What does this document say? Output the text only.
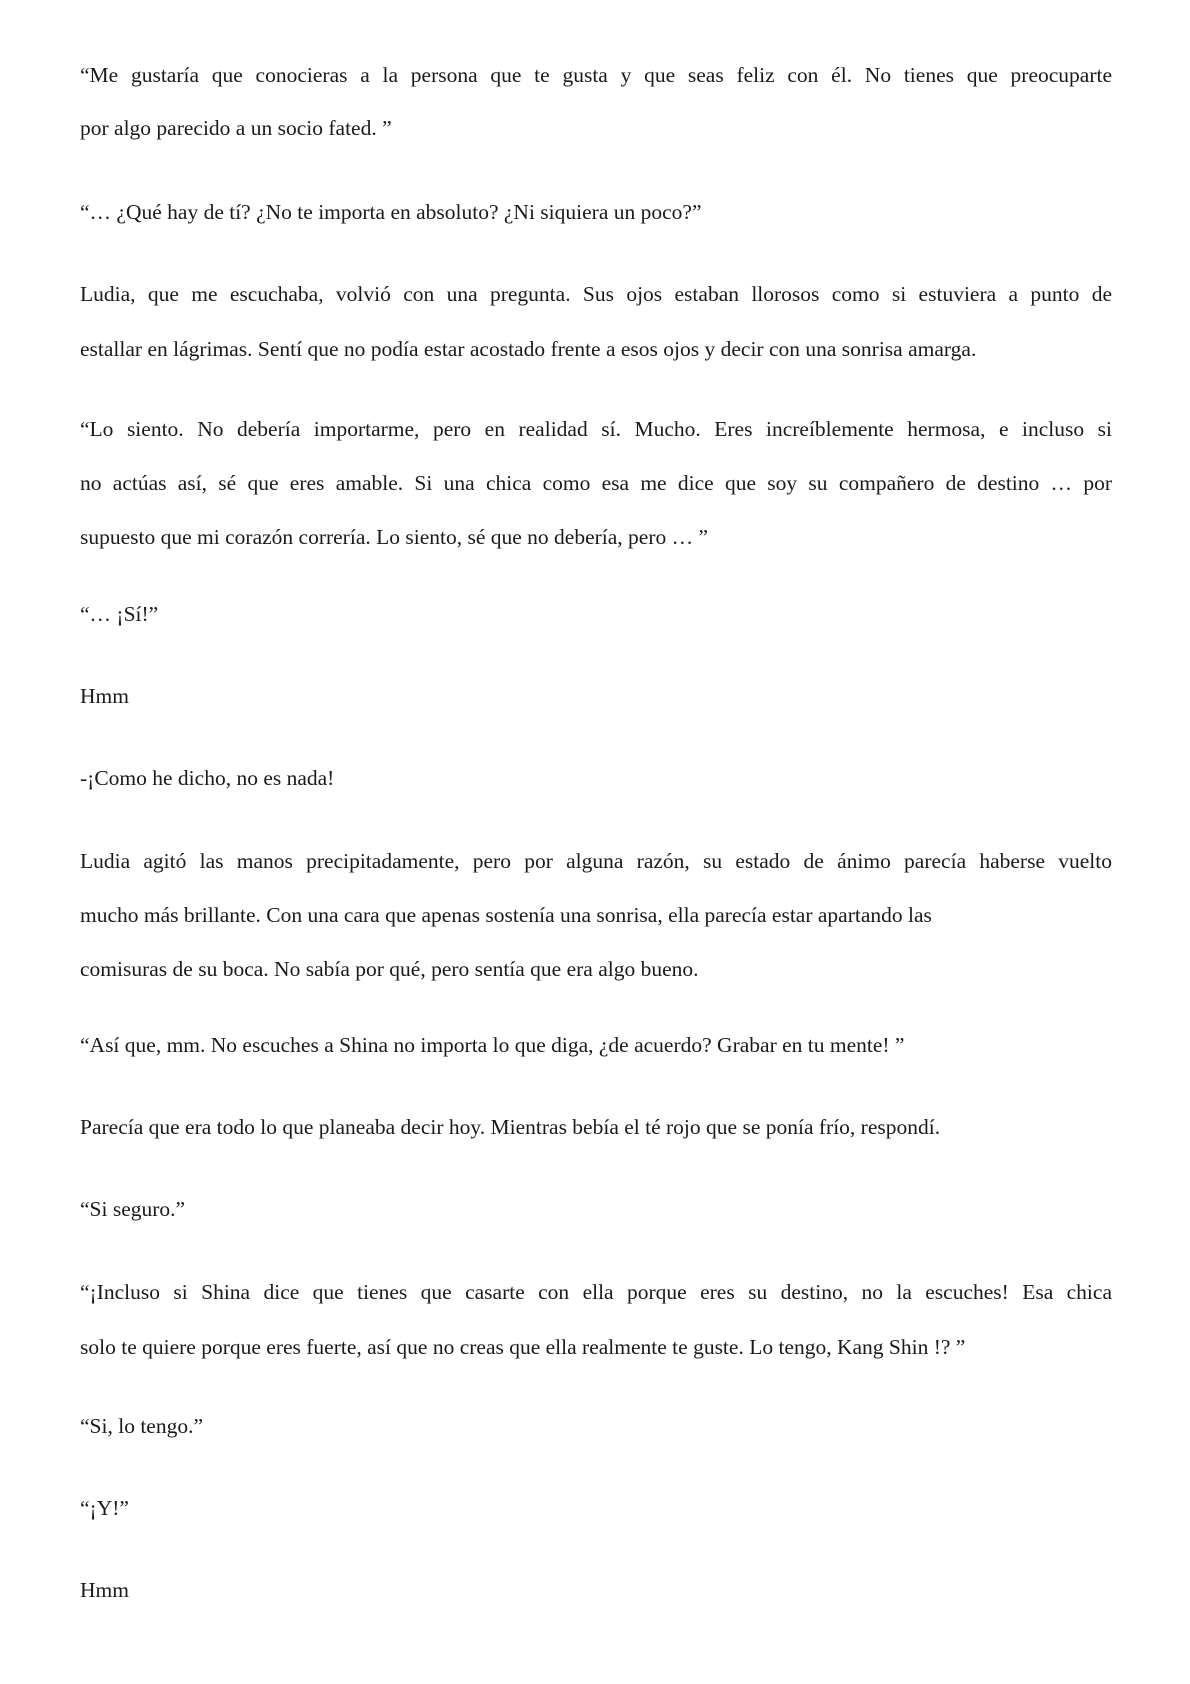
“Me gustaría que conocieras a la persona que te gusta y que seas feliz con él. No tienes que preocuparte
por algo parecido a un socio fated. ”
“… ¿Qué hay de tí? ¿No te importa en absoluto? ¿Ni siquiera un poco?”
Ludia, que me escuchaba, volvió con una pregunta. Sus ojos estaban llorosos como si estuviera a punto de
estallar en lágrimas. Sentí que no podía estar acostado frente a esos ojos y decir con una sonrisa amarga.
“Lo siento. No debería importarme, pero en realidad sí. Mucho. Eres increíblemente hermosa, e incluso si
no actúas así, sé que eres amable. Si una chica como esa me dice que soy su compañero de destino … por
supuesto que mi corazón correría. Lo siento, sé que no debería, pero … ”
“… ¡Sí!”
Hmm
-¡Como he dicho, no es nada!
Ludia agitó las manos precipitadamente, pero por alguna razón, su estado de ánimo parecía haberse vuelto
mucho más brillante. Con una cara que apenas sostenía una sonrisa, ella parecía estar apartando las
comisuras de su boca. No sabía por qué, pero sentía que era algo bueno.
“Así que, mm. No escuches a Shina no importa lo que diga, ¿de acuerdo? Grabar en tu mente! ”
Parecía que era todo lo que planeaba decir hoy. Mientras bebía el té rojo que se ponía frío, respondí.
“Si seguro.”
“¡Incluso si Shina dice que tienes que casarte con ella porque eres su destino, no la escuches! Esa chica
solo te quiere porque eres fuerte, así que no creas que ella realmente te guste. Lo tengo, Kang Shin !? ”
“Si, lo tengo.”
“¡Y!”
Hmm
